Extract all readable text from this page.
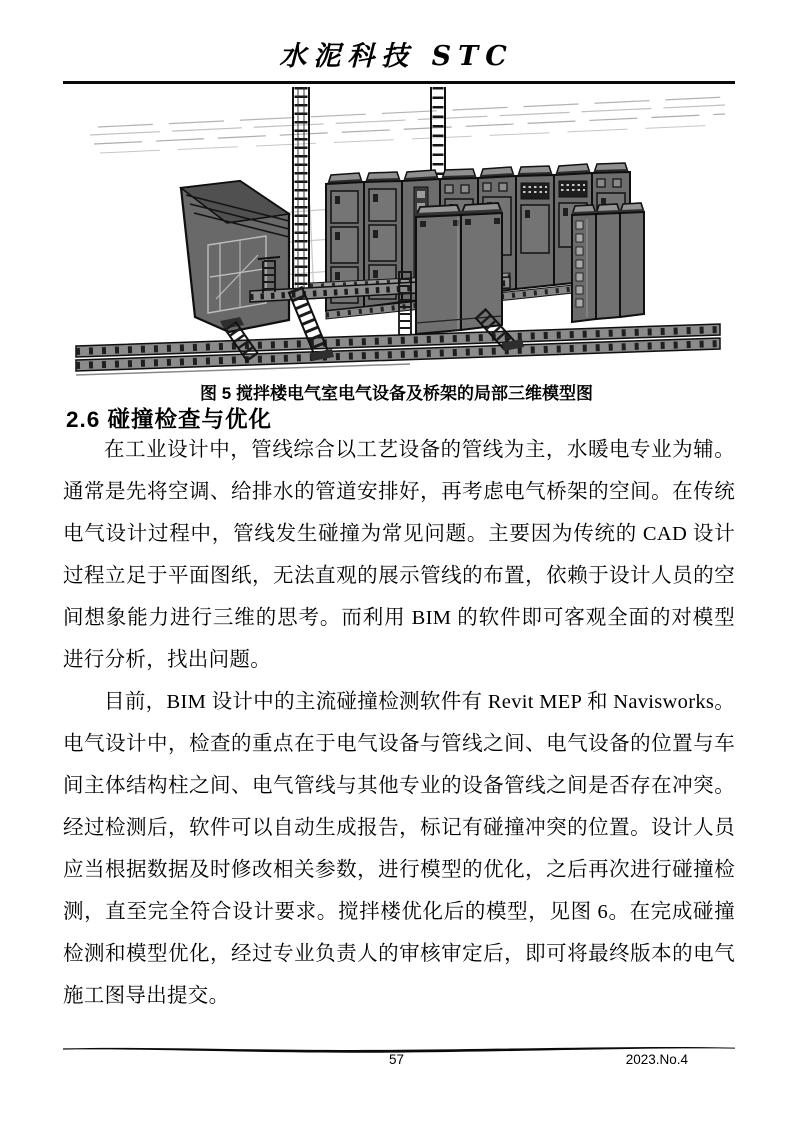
水泥科技 STC
图 5 搅拌楼电气室电气设备及桥架的局部三维模型图
2.6 碰撞检查与优化

在工业设计中，管线综合以工艺设备的管线为主，水暖电专业为辅。通常是先将空调、给排水的管道安排好，再考虑电气桥架的空间。在传统电气设计过程中，管线发生碰撞为常见问题。主要因为传统的 CAD 设计过程立足于平面图纸，无法直观的展示管线的布置，依赖于设计人员的空间想象能力进行三维的思考。而利用 BIM 的软件即可客观全面的对模型进行分析，找出问题。

目前，BIM 设计中的主流碰撞检测软件有 Revit MEP 和 Navisworks。电气设计中，检查的重点在于电气设备与管线之间、电气设备的位置与车间主体结构柱之间、电气管线与其他专业的设备管线之间是否存在冲突。经过检测后，软件可以自动生成报告，标记有碰撞冲突的位置。设计人员应当根据数据及时修改相关参数，进行模型的优化，之后再次进行碰撞检测，直至完全符合设计要求。搅拌楼优化后的模型，见图 6。在完成碰撞检测和模型优化，经过专业负责人的审核审定后，即可将最终版本的电气施工图导出提交。

57	2023.No.4
